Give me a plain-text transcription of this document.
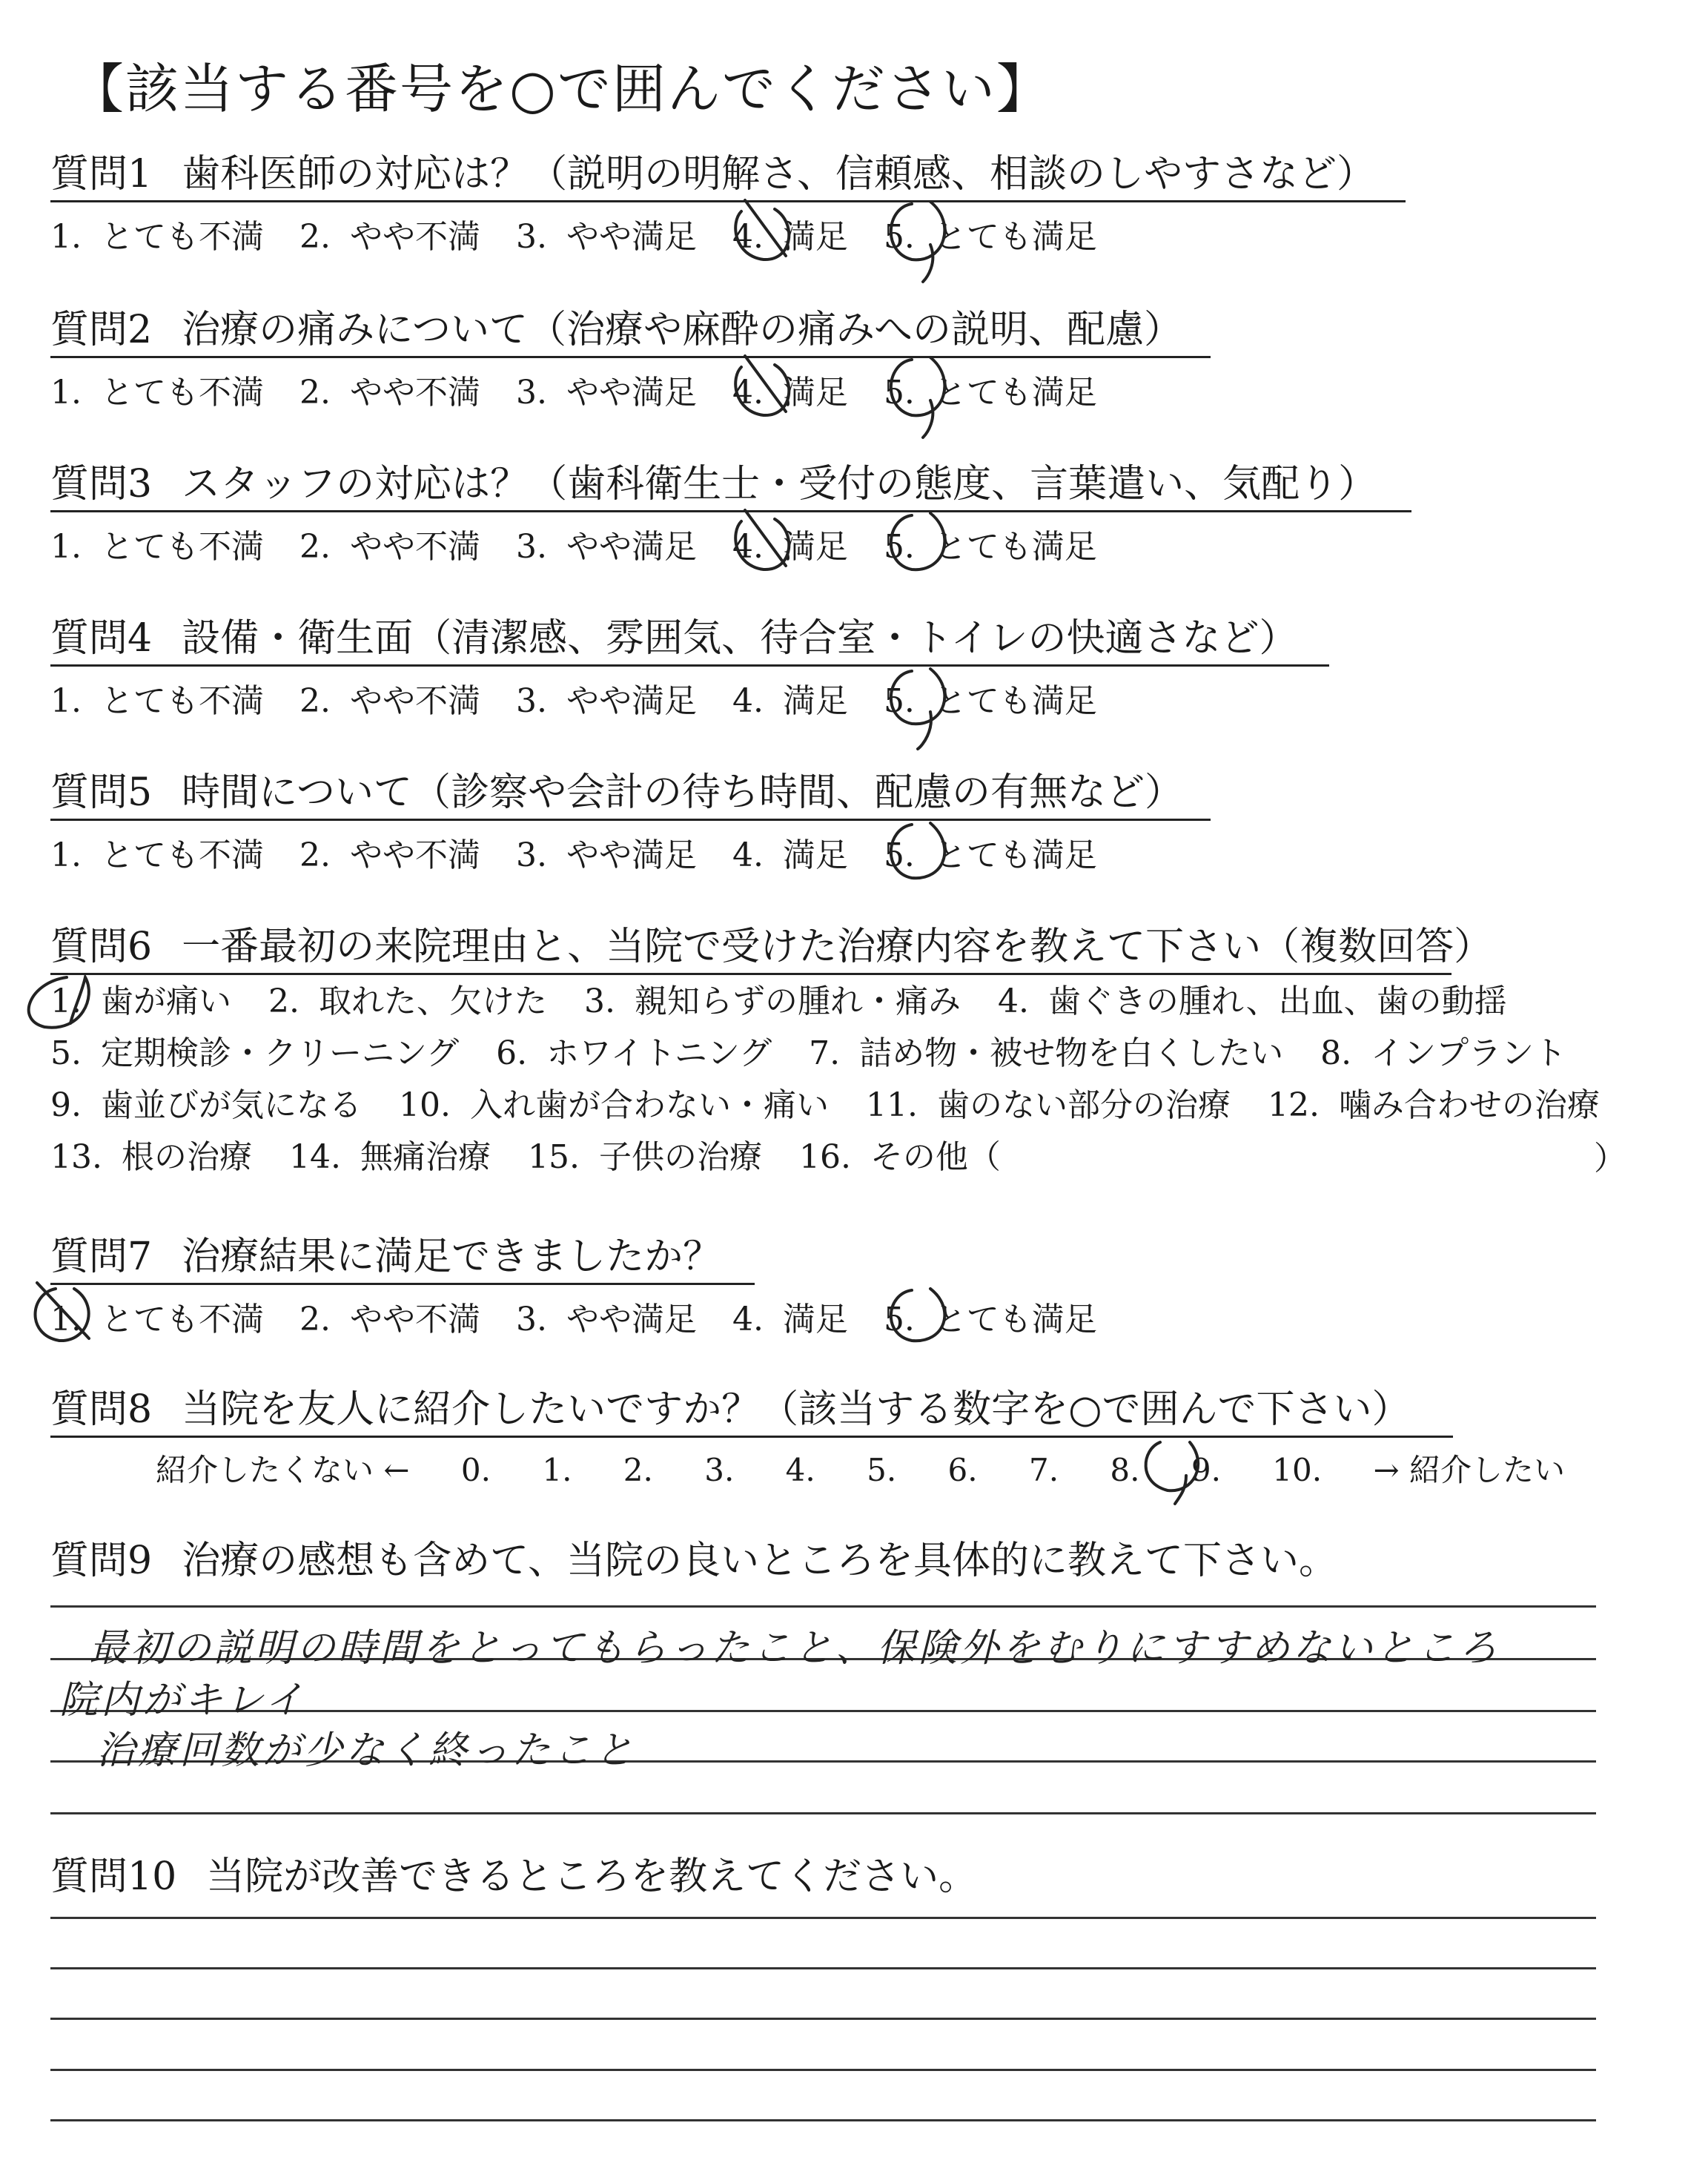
【該当する番号を○で囲んでください】
質問1 歯科医師の対応は？（説明の明解さ、信頼感、相談のしやすさなど）
1. とても不満 2. やや不満 3. やや満足 4. 満足 5. とても満足
質問2 治療の痛みについて（治療や麻酔の痛みへの説明、配慮）
1. とても不満 2. やや不満 3. やや満足 4. 満足 5. とても満足
質問3 スタッフの対応は？（歯科衛生士・受付の態度、言葉遣い、気配り）
1. とても不満 2. やや不満 3. やや満足 4. 満足 5. とても満足
質問4 設備・衛生面（清潔感、雰囲気、待合室・トイレの快適さなど）
1. とても不満 2. やや不満 3. やや満足 4. 満足 5. とても満足
質問5 時間について（診察や会計の待ち時間、配慮の有無など）
1. とても不満 2. やや不満 3. やや満足 4. 満足 5. とても満足
質問6 一番最初の来院理由と、当院で受けた治療内容を教えて下さい（複数回答）
1. 歯が痛い 2. 取れた、欠けた 3. 親知らずの腫れ・痛み 4. 歯ぐきの腫れ、出血、歯の動揺
5. 定期検診・クリーニング 6. ホワイトニング 7. 詰め物・被せ物を白くしたい 8. インプラント
9. 歯並びが気になる 10. 入れ歯が合わない・痛い 11. 歯のない部分の治療 12. 噛み合わせの治療
13. 根の治療 14. 無痛治療 15. 子供の治療 16. その他（	）
質問7 治療結果に満足できましたか？
1. とても不満 2. やや不満 3. やや満足 4. 満足 5. とても満足
質問8 当院を友人に紹介したいですか？（該当する数字を○で囲んで下さい）
紹介したくない ← 0. 1. 2. 3. 4. 5. 6. 7. 8. 9. 10. → 紹介したい
質問9 治療の感想も含めて、当院の良いところを具体的に教えて下さい。
最初の説明の時間をとってもらったこと、保険外をむりにすすめないところ
院内がキレイ
治療回数が少なく終ったこと
質問10 当院が改善できるところを教えてください。
